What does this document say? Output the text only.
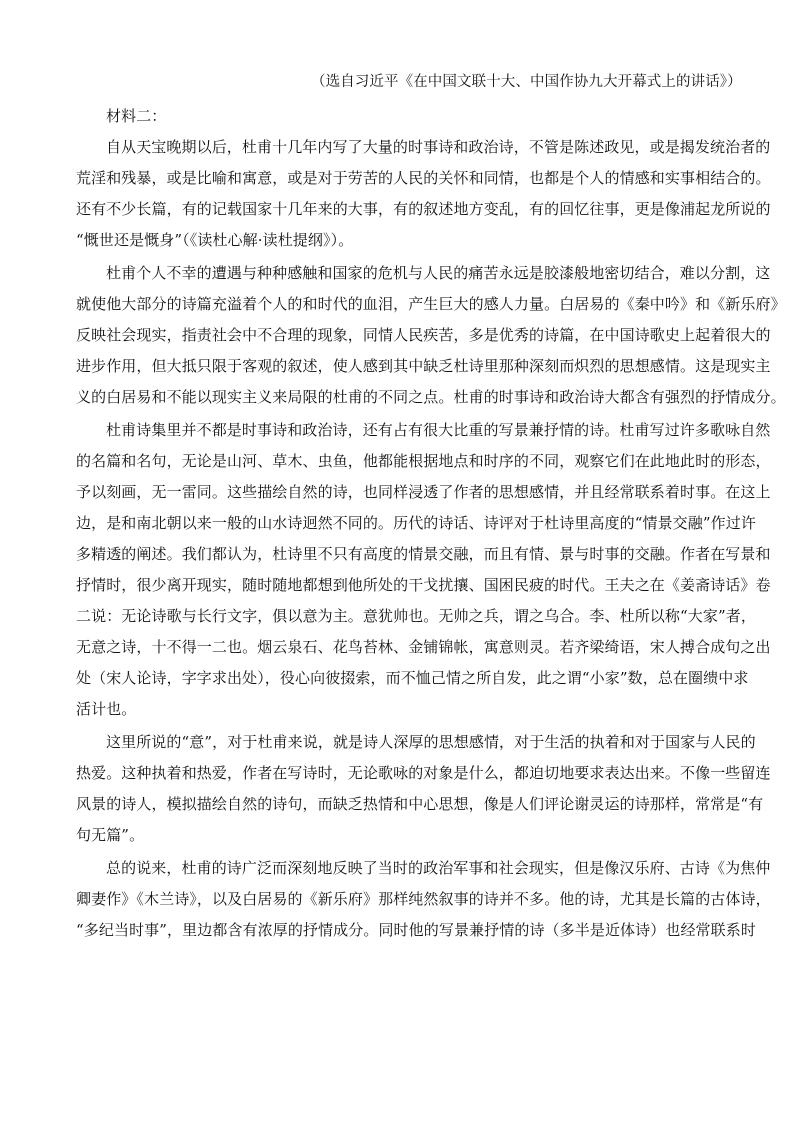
（选自习近平《在中国文联十大、中国作协九大开幕式上的讲话》）
材料二：
自从天宝晚期以后，杜甫十几年内写了大量的时事诗和政治诗，不管是陈述政见，或是揭发统治者的
荒淫和残暴，或是比喻和寓意，或是对于劳苦的人民的关怀和同情，也都是个人的情感和实事相结合的。
还有不少长篇，有的记载国家十几年来的大事，有的叙述地方变乱，有的回忆往事，更是像浦起龙所说的
“慨世还是慨身”（《读杜心解·读杜提纲》）。
杜甫个人不幸的遭遇与种种感触和国家的危机与人民的痛苦永远是胶漆般地密切结合，难以分割，这
就使他大部分的诗篇充溢着个人的和时代的血泪，产生巨大的感人力量。白居易的《秦中吟》和《新乐府》
反映社会现实，指责社会中不合理的现象，同情人民疾苦，多是优秀的诗篇，在中国诗歌史上起着很大的
进步作用，但大抵只限于客观的叙述，使人感到其中缺乏杜诗里那种深刻而炽烈的思想感情。这是现实主
义的白居易和不能以现实主义来局限的杜甫的不同之点。杜甫的时事诗和政治诗大都含有强烈的抒情成分。
杜甫诗集里并不都是时事诗和政治诗，还有占有很大比重的写景兼抒情的诗。杜甫写过许多歌咏自然
的名篇和名句，无论是山河、草木、虫鱼，他都能根据地点和时序的不同，观察它们在此地此时的形态，
予以刻画，无一雷同。这些描绘自然的诗，也同样浸透了作者的思想感情，并且经常联系着时事。在这上
边，是和南北朝以来一般的山水诗迥然不同的。历代的诗话、诗评对于杜诗里高度的“情景交融”作过许
多精透的阐述。我们都认为，杜诗里不只有高度的情景交融，而且有情、景与时事的交融。作者在写景和
抒情时，很少离开现实，随时随地都想到他所处的干戈扰攘、国困民疲的时代。王夫之在《姜斋诗话》卷
二说：无论诗歌与长行文字，俱以意为主。意犹帅也。无帅之兵，谓之乌合。李、杜所以称“大家”者，
无意之诗，十不得一二也。烟云泉石、花鸟苔林、金铺锦帐，寓意则灵。若齐梁绮语，宋人搏合成句之出
处（宋人论诗，字字求出处），役心向彼掇索，而不恤己情之所自发，此之谓“小家”数，总在圈缋中求
活计也。
这里所说的“意”，对于杜甫来说，就是诗人深厚的思想感情，对于生活的执着和对于国家与人民的
热爱。这种执着和热爱，作者在写诗时，无论歌咏的对象是什么，都迫切地要求表达出来。不像一些留连
风景的诗人，模拟描绘自然的诗句，而缺乏热情和中心思想，像是人们评论谢灵运的诗那样，常常是“有
句无篇”。
总的说来，杜甫的诗广泛而深刻地反映了当时的政治军事和社会现实，但是像汉乐府、古诗《为焦仲
卿妻作》《木兰诗》，以及白居易的《新乐府》那样纯然叙事的诗并不多。他的诗，尤其是长篇的古体诗，
“多纪当时事”，里边都含有浓厚的抒情成分。同时他的写景兼抒情的诗（多半是近体诗）也经常联系时
